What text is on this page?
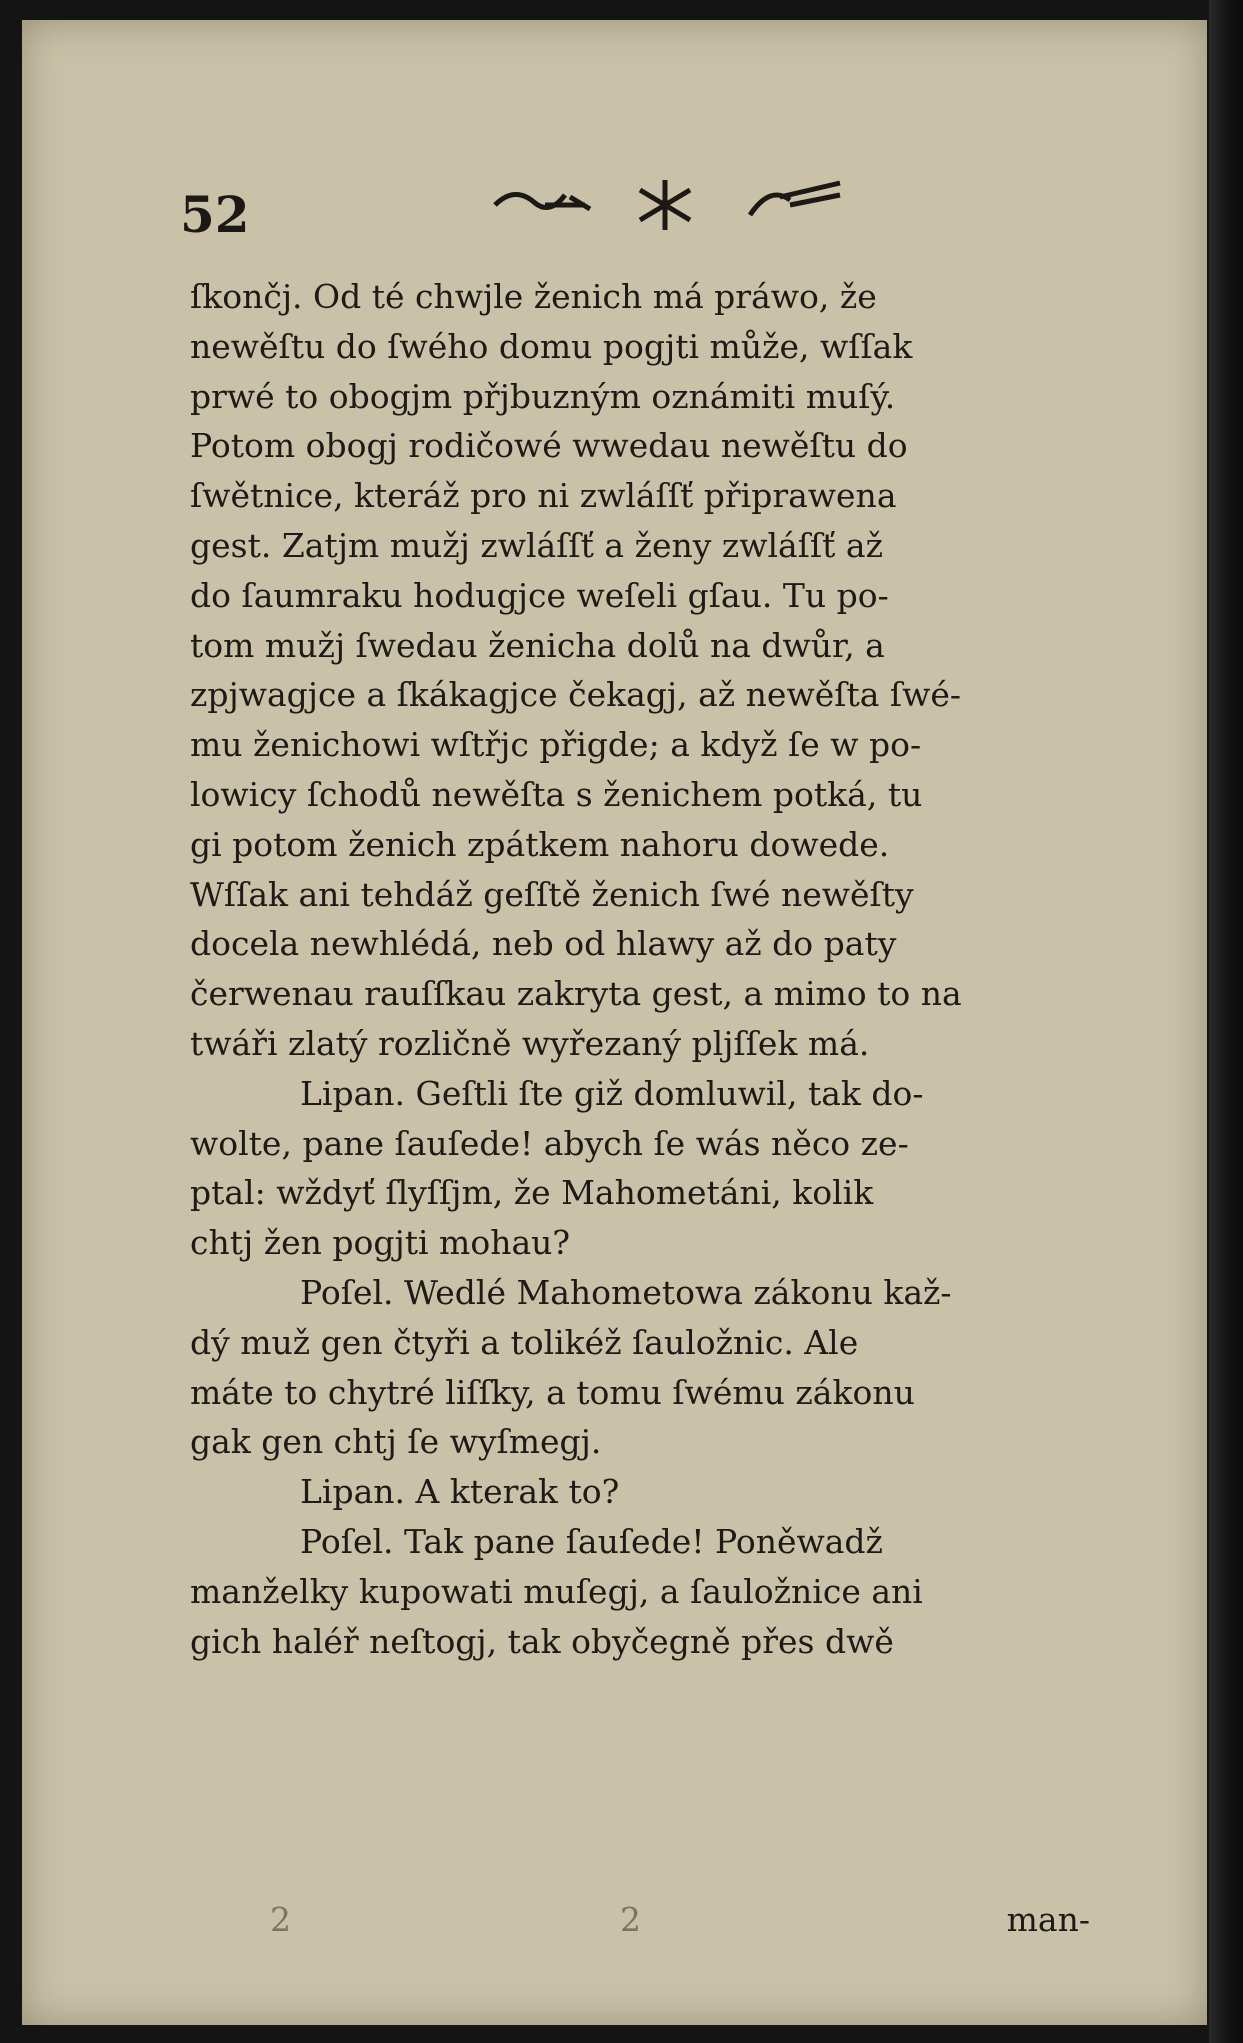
52
ſkončj. Od té chwjle ženich má práwo, že
newěſtu do ſwého domu pogjti může, wſſak
prwé to obogjm přjbuzným oznámiti muſý.
Potom obogj rodičowé wwedau newěſtu do
ſwětnice, kteráž pro ni zwláſſť připrawena
gest. Zatjm mužj zwláſſť a ženy zwláſſť až
do ſaumraku hodugjce weſeli gſau. Tu po-
tom mužj ſwedau ženicha dolů na dwůr, a
zpjwagjce a ſkákagjce čekagj, až newěſta ſwé-
mu ženichowi wſtřjc přigde; a když ſe w po-
lowicy ſchodů newěſta s ženichem potká, tu
gi potom ženich zpátkem nahoru dowede.
Wſſak ani tehdáž geſſtě ženich ſwé newěſty
docela newhlédá, neb od hlawy až do paty
čerwenau rauſſkau zakryta gest, a mimo to na
twáři zlatý rozličně wyřezaný pljſſek má.
Lipan. Geſtli ſte giž domluwil, tak do-
wolte, pane ſauſede! abych ſe wás něco ze-
ptal: wždyť ſlyſſjm, že Mahometáni, kolik
chtj žen pogjti mohau?
Poſel. Wedlé Mahometowa zákonu kaž-
dý muž gen čtyři a tolikéž ſauložnic. Ale
máte to chytré liſſky, a tomu ſwému zákonu
gak gen chtj ſe wyſmegj.
Lipan. A kterak to?
Poſel. Tak pane ſauſede! Poněwadž
manželky kupowati muſegj, a ſauložnice ani
gich haléř neſtogj, tak obyčegně přes dwě
2	2	man-
